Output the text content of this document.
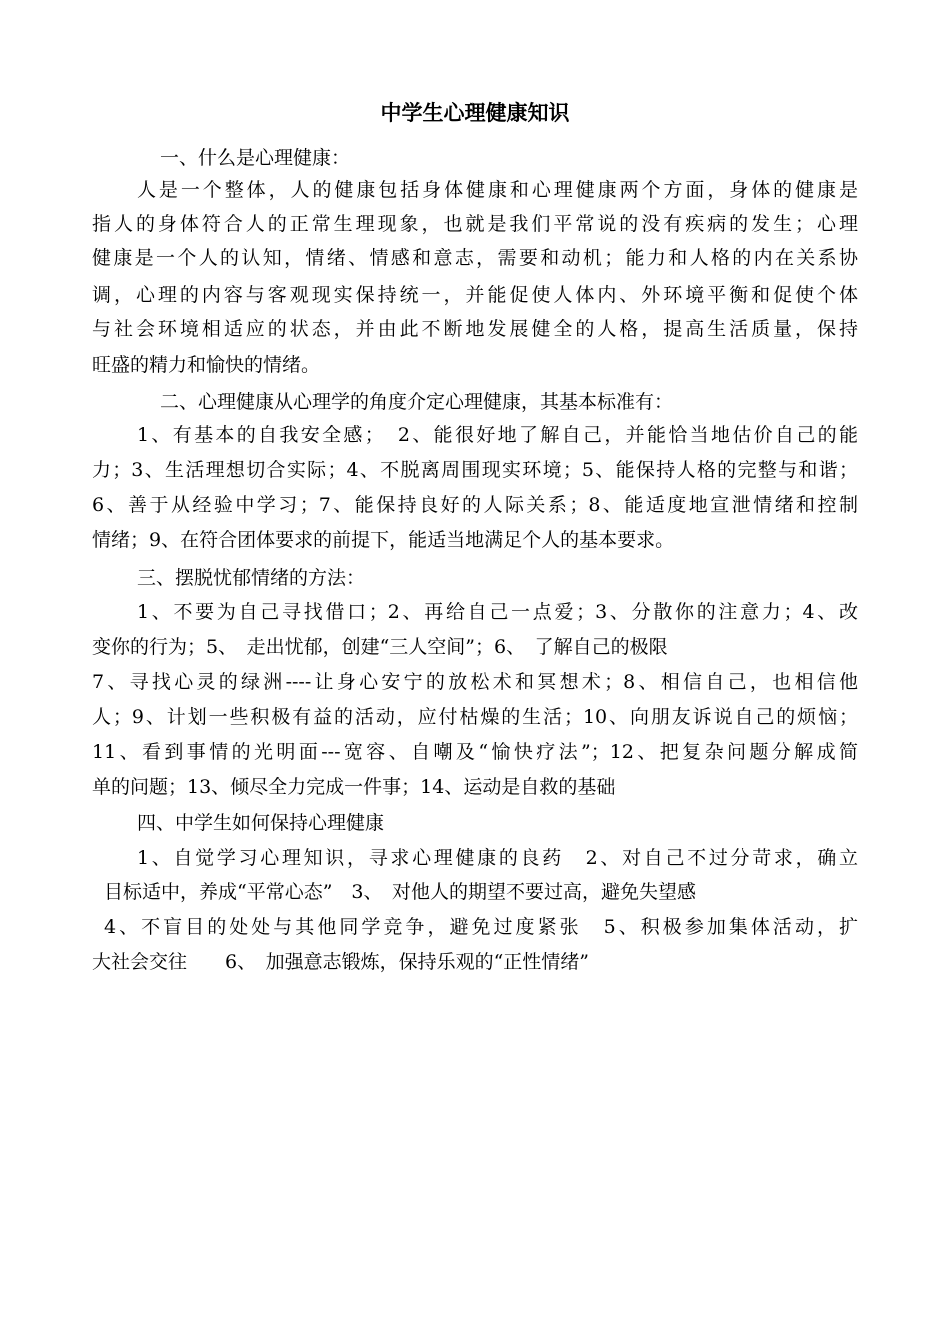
中学生心理健康知识
一、什么是心理健康：
人是一个整体，人的健康包括身体健康和心理健康两个方面，身体的健康是
指人的身体符合人的正常生理现象，也就是我们平常说的没有疾病的发生；心理
健康是一个人的认知，情绪、情感和意志，需要和动机；能力和人格的内在关系协
调，心理的内容与客观现实保持统一，并能促使人体内、外环境平衡和促使个体
与社会环境相适应的状态，并由此不断地发展健全的人格，提高生活质量，保持
旺盛的精力和愉快的情绪。
二、心理健康从心理学的角度介定心理健康，其基本标准有：
1、有基本的自我安全感；　2、能很好地了解自己，并能恰当地估价自己的能
力；3、生活理想切合实际；4、不脱离周围现实环境；5、能保持人格的完整与和谐；
6、善于从经验中学习；7、能保持良好的人际关系；8、能适度地宣泄情绪和控制
情绪；9、在符合团体要求的前提下，能适当地满足个人的基本要求。
三、摆脱忧郁情绪的方法：
1、不要为自己寻找借口；2、再给自己一点爱；3、分散你的注意力；4、改
变你的行为；5、　走出忧郁，创建“三人空间”；6、　了解自己的极限
7、寻找心灵的绿洲----让身心安宁的放松术和冥想术；8、相信自己，也相信他
人；9、计划一些积极有益的活动，应付枯燥的生活；10、向朋友诉说自己的烦恼；
11、看到事情的光明面---宽容、自嘲及“愉快疗法”；12、把复杂问题分解成简
单的问题；13、倾尽全力完成一件事；14、运动是自救的基础
四、中学生如何保持心理健康
1、自觉学习心理知识，寻求心理健康的良药　2、对自己不过分苛求，确立
目标适中，养成“平常心态”　3、　对他人的期望不要过高，避免失望感
4、不盲目的处处与其他同学竞争，避免过度紧张　5、积极参加集体活动，扩
大社会交往　　6、　加强意志锻炼，保持乐观的“正性情绪”
